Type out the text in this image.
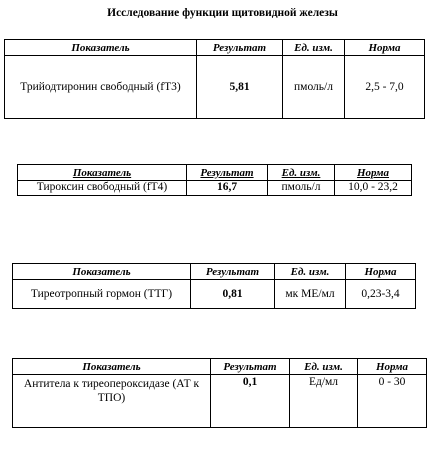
Исследование функции щитовидной железы
Показатель	Результат	Ед. изм.	Норма
Трийодтиронин свободный (fT3)	5,81	пмоль/л	2,5 - 7,0
Показатель	Результат	Ед. изм.	Норма
Тироксин свободный (fT4)	16,7	пмоль/л	10,0 - 23,2
Показатель	Результат	Ед. изм.	Норма
Тиреотропный гормон (ТТГ)	0,81	мк МЕ/мл	0,23-3,4
Показатель	Результат	Ед. изм.	Норма
Антитела к тиреопероксидазе (АТ к ТПО)	0,1	Ед/мл	0 - 30
